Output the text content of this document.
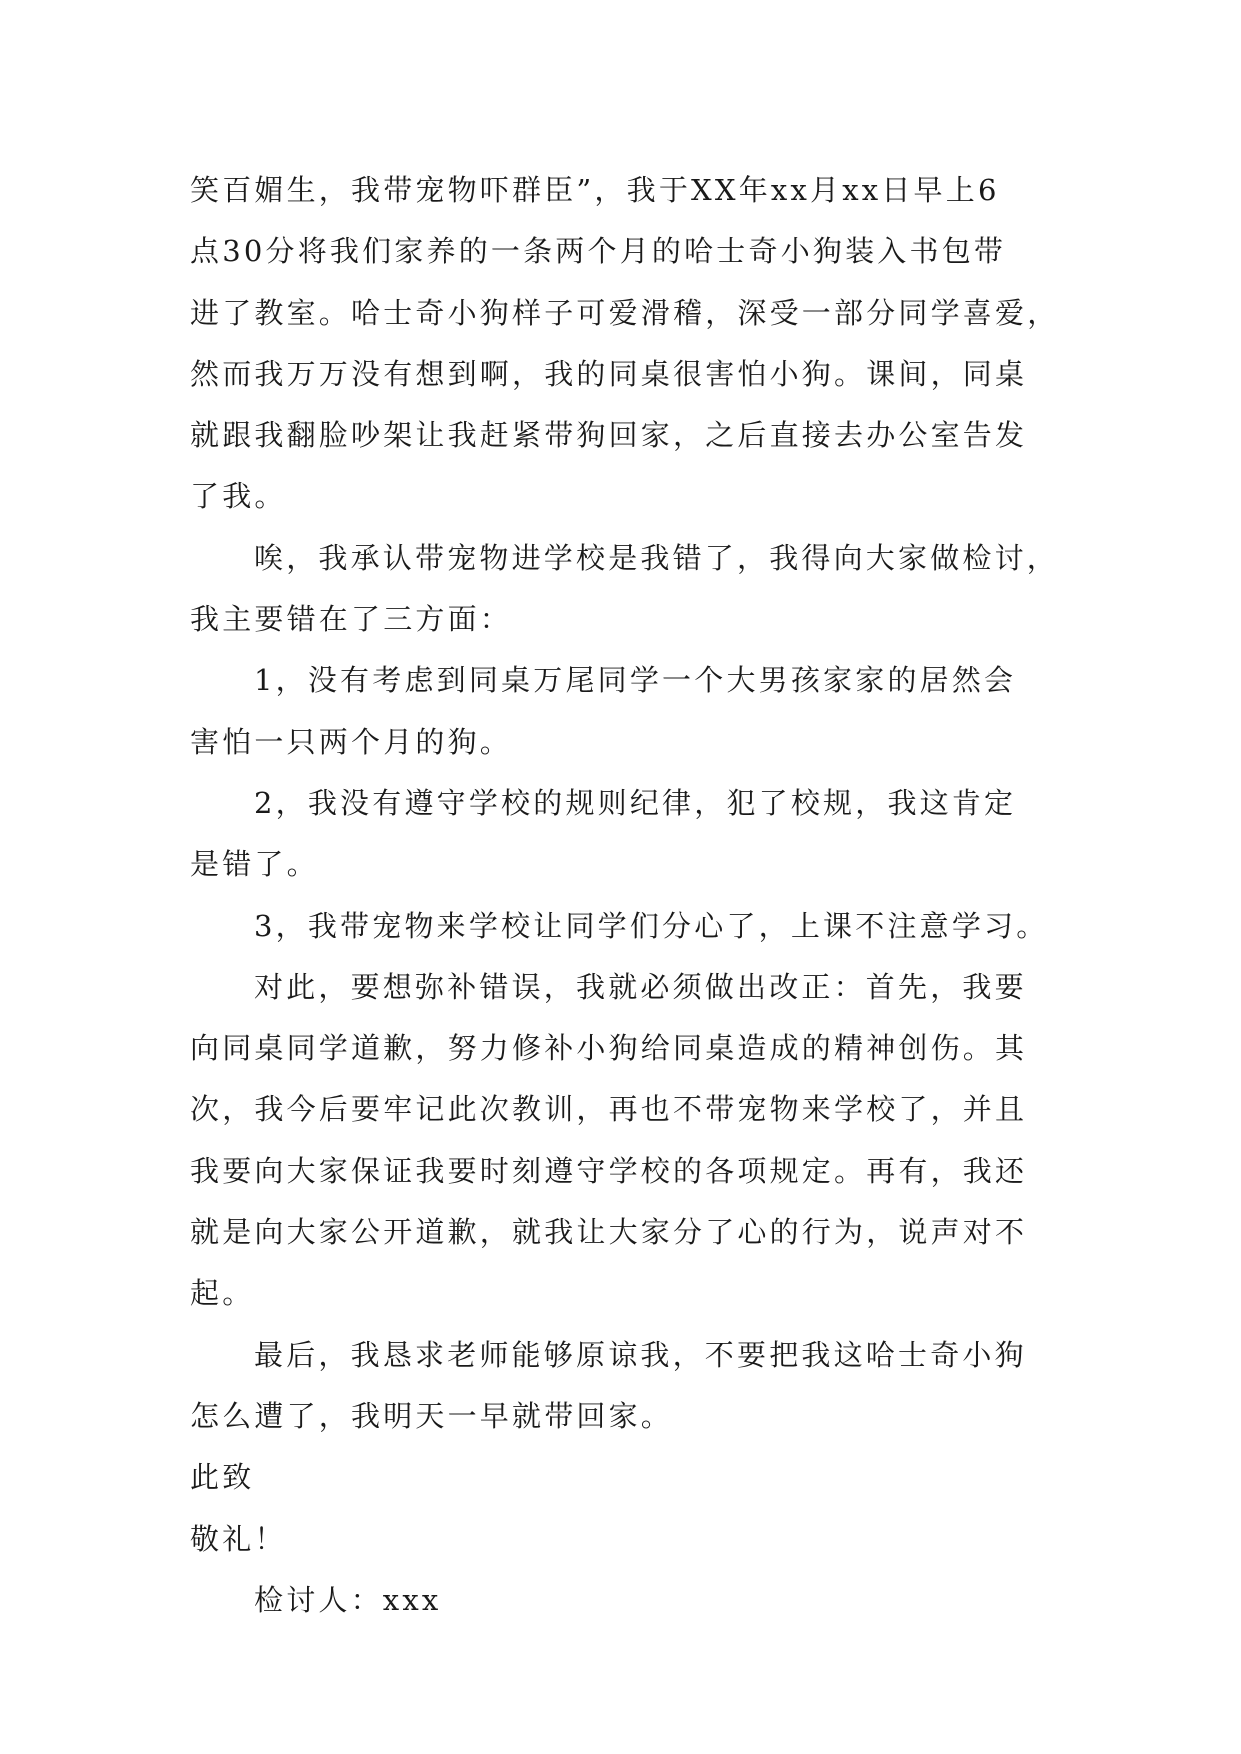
笑百媚生，我带宠物吓群臣”，我于XX年xx月xx日早上6
点30分将我们家养的一条两个月的哈士奇小狗装入书包带
进了教室。哈士奇小狗样子可爱滑稽，深受一部分同学喜爱，
然而我万万没有想到啊，我的同桌很害怕小狗。课间，同桌
就跟我翻脸吵架让我赶紧带狗回家，之后直接去办公室告发
了我。
唉，我承认带宠物进学校是我错了，我得向大家做检讨，
我主要错在了三方面：
1，没有考虑到同桌万尾同学一个大男孩家家的居然会
害怕一只两个月的狗。
2，我没有遵守学校的规则纪律，犯了校规，我这肯定
是错了。
3，我带宠物来学校让同学们分心了，上课不注意学习。
对此，要想弥补错误，我就必须做出改正：首先，我要
向同桌同学道歉，努力修补小狗给同桌造成的精神创伤。其
次，我今后要牢记此次教训，再也不带宠物来学校了，并且
我要向大家保证我要时刻遵守学校的各项规定。再有，我还
就是向大家公开道歉，就我让大家分了心的行为，说声对不
起。
最后，我恳求老师能够原谅我，不要把我这哈士奇小狗
怎么遭了，我明天一早就带回家。
此致
敬礼！
检讨人：xxx
